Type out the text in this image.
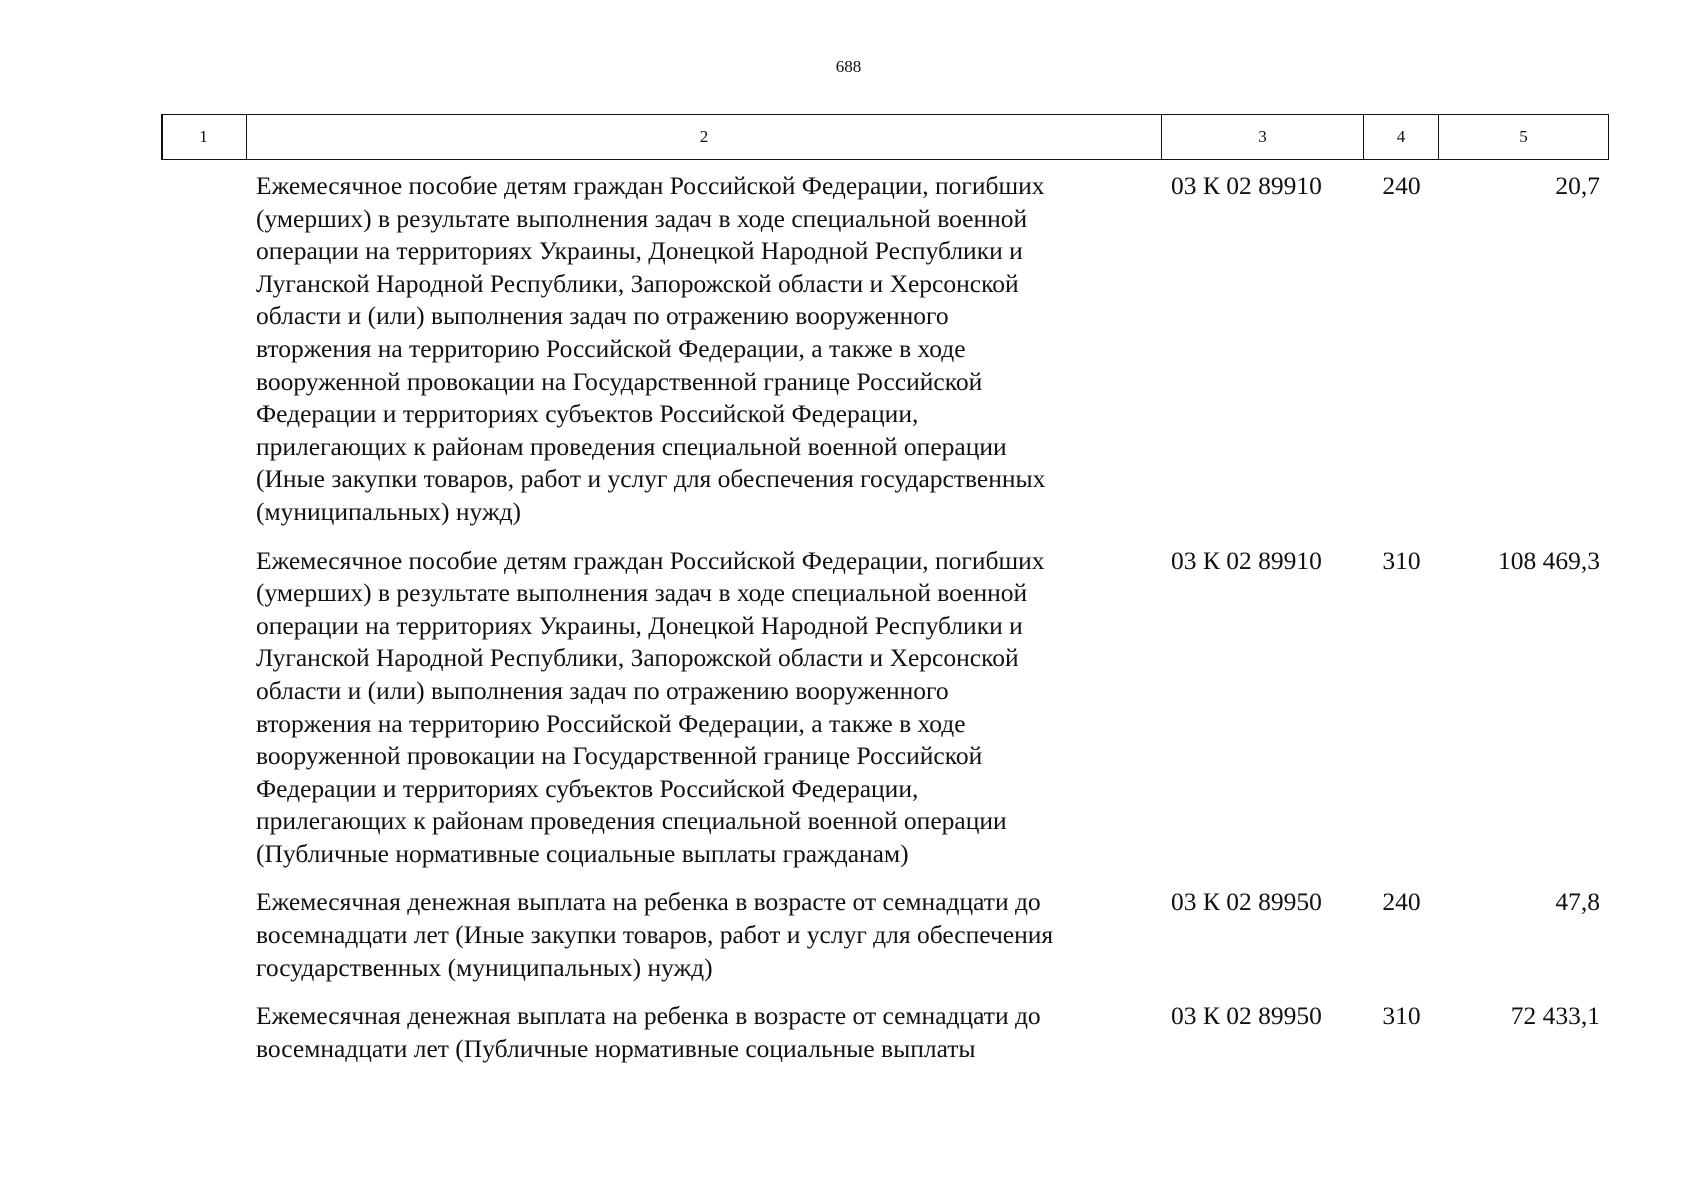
688
1	2	3	4	5
Ежемесячное пособие детям граждан Российской Федерации, погибших
(умерших) в результате выполнения задач в ходе специальной военной
операции на территориях Украины, Донецкой Народной Республики и
Луганской Народной Республики, Запорожской области и Херсонской
области и (или) выполнения задач по отражению вооруженного
вторжения на территорию Российской Федерации, а также в ходе
вооруженной провокации на Государственной границе Российской
Федерации и территориях субъектов Российской Федерации,
прилегающих к районам проведения специальной военной операции
(Иные закупки товаров, работ и услуг для обеспечения государственных
(муниципальных) нужд)
03 К 02 89910	240	20,7
Ежемесячное пособие детям граждан Российской Федерации, погибших
(умерших) в результате выполнения задач в ходе специальной военной
операции на территориях Украины, Донецкой Народной Республики и
Луганской Народной Республики, Запорожской области и Херсонской
области и (или) выполнения задач по отражению вооруженного
вторжения на территорию Российской Федерации, а также в ходе
вооруженной провокации на Государственной границе Российской
Федерации и территориях субъектов Российской Федерации,
прилегающих к районам проведения специальной военной операции
(Публичные нормативные социальные выплаты гражданам)
03 К 02 89910	310	108 469,3
Ежемесячная денежная выплата на ребенка в возрасте от семнадцати до
восемнадцати лет (Иные закупки товаров, работ и услуг для обеспечения
государственных (муниципальных) нужд)
03 К 02 89950	240	47,8
Ежемесячная денежная выплата на ребенка в возрасте от семнадцати до
восемнадцати лет (Публичные нормативные социальные выплаты
03 К 02 89950	310	72 433,1
